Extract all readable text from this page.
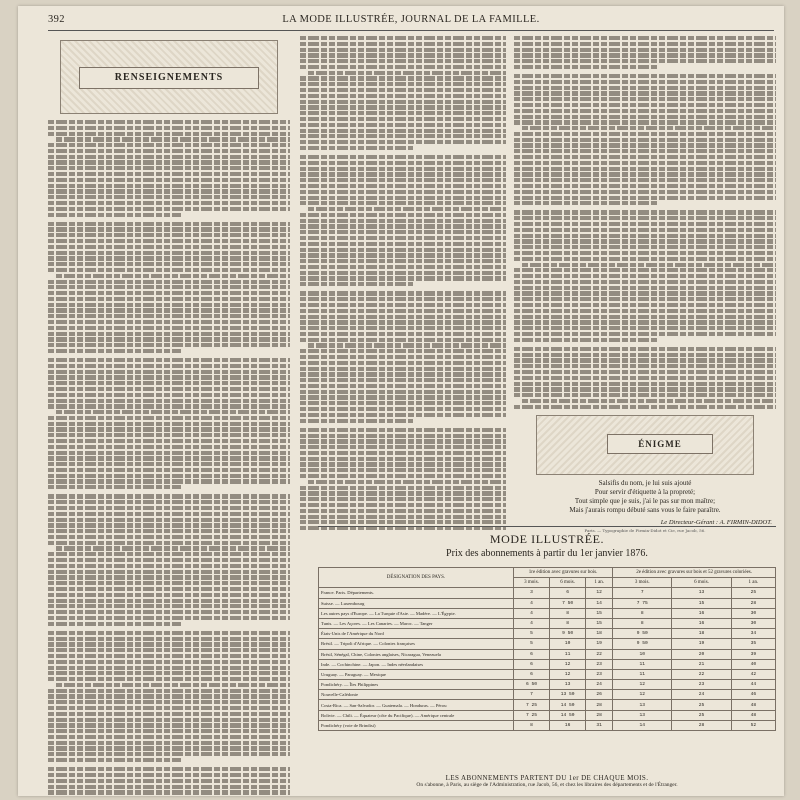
392	LA MODE ILLUSTRÉE, JOURNAL DE LA FAMILLE.
RENSEIGNEMENTS
ÉNIGME
Salsifis du nom, je lui suis ajouté
Pour servir d'étiquette à la propreté;
Tout simple que je suis, j'ai le pas sur mon maître;
Mais j'aurais rompu débuté sans vous le faire paraître.
Le Directeur-Gérant : A. FIRMIN-DIDOT.
Paris. — Typographie de Firmin-Didot et Cie, rue Jacob, 56.
MODE ILLUSTRÉE.
Prix des abonnements à partir du 1er janvier 1876.
DÉSIGNATION DES PAYS.	1re édition avec gravures sur bois.			2e édition avec gravures sur bois et 52 gravures coloriées.		
	3 mois.	6 mois.	1 an.	3 mois.	6 mois.	1 an.
France. Paris. Départements.	3	6	12	7	13	25
Suisse. — Luxembourg	4	7 50	14	7 75	15	28
Les autres pays d'Europe. — La Turquie d'Asie. — Madère. — L'Égypte.	4	8	15	8	16	30
Tunis. — Les Açores. — Les Canaries. — Maroc. — Tanger	4	8	15	8	16	30
États-Unis de l'Amérique du Nord	5	9 50	18	9 50	18	34
Brésil. — Tripoli d'Afrique. — Colonies françaises	5	10	19	9 50	19	35
Brésil, Sénégal, Chine, Colonies anglaises, Nicaragua, Venezuela	6	11	22	10	20	39
Inde. — Cochinchine. — Japon. — Indes néerlandaises	6	12	23	11	21	40
Uruguay. — Paraguay. — Mexique	6	12	23	11	22	42
Pondichéry. — Îles Philippines	6 50	13	24	12	23	44
Nouvelle-Calédonie	7	13 50	26	12	24	46
Costa-Rica. — San-Salvador. — Guatemala. — Honduras. — Pérou	7 25	14 50	28	13	25	48
Bolivie. — Chili. — Équateur (côte du Pacifique). — Amérique centrale	7 25	14 50	28	13	25	48
Pondichéry (voie de Brindisi)	8	16	31	14	28	52
LES ABONNEMENTS PARTENT DU 1er DE CHAQUE MOIS.
On s'abonne, à Paris, au siège de l'Administration, rue Jacob, 56, et chez les libraires des départements et de l'Étranger.
